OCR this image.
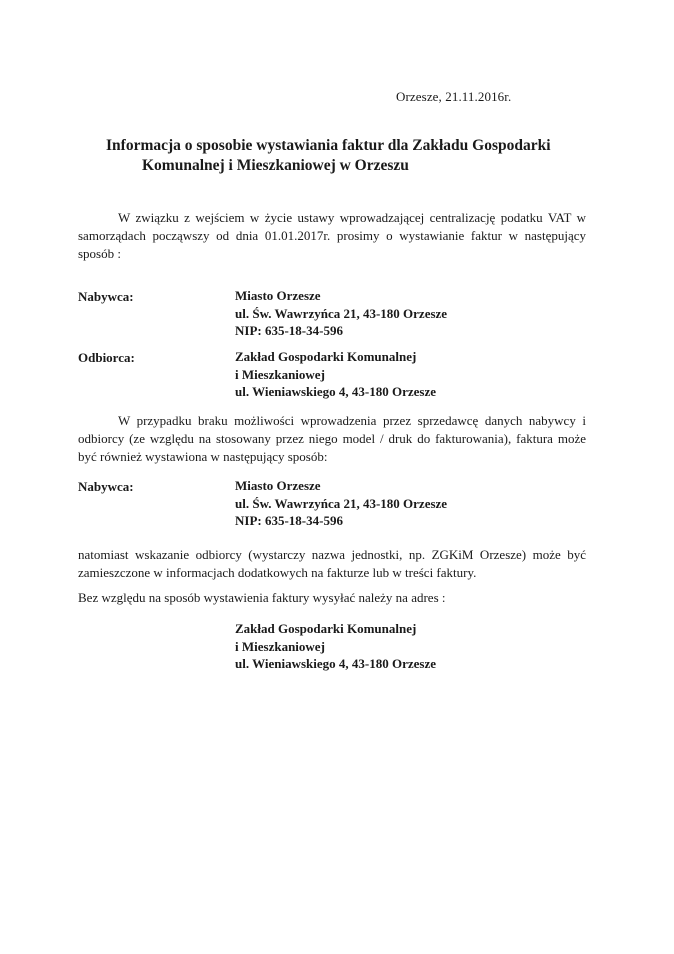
Orzesze, 21.11.2016r.
Informacja o sposobie wystawiania faktur dla Zakładu Gospodarki
Komunalnej i Mieszkaniowej w Orzeszu

W związku z wejściem w życie ustawy wprowadzającej centralizację podatku VAT w samorządach począwszy od dnia 01.01.2017r. prosimy o wystawianie faktur w następujący sposób :

Nabywca:	Miasto Orzesze
ul. Św. Wawrzyńca 21, 43-180 Orzesze
NIP: 635-18-34-596
Odbiorca:	Zakład Gospodarki Komunalnej
i Mieszkaniowej
ul. Wieniawskiego 4, 43-180 Orzesze

W przypadku braku możliwości wprowadzenia przez sprzedawcę danych nabywcy i odbiorcy (ze względu na stosowany przez niego model / druk do fakturowania), faktura może być również wystawiona w następujący sposób:

Nabywca:	Miasto Orzesze
ul. Św. Wawrzyńca 21, 43-180 Orzesze
NIP: 635-18-34-596

natomiast wskazanie odbiorcy (wystarczy nazwa jednostki, np. ZGKiM Orzesze) może być zamieszczone w informacjach dodatkowych na fakturze lub w treści faktury.

Bez względu na sposób wystawienia faktury wysyłać należy na adres :

Zakład Gospodarki Komunalnej
i Mieszkaniowej
ul. Wieniawskiego 4, 43-180 Orzesze
